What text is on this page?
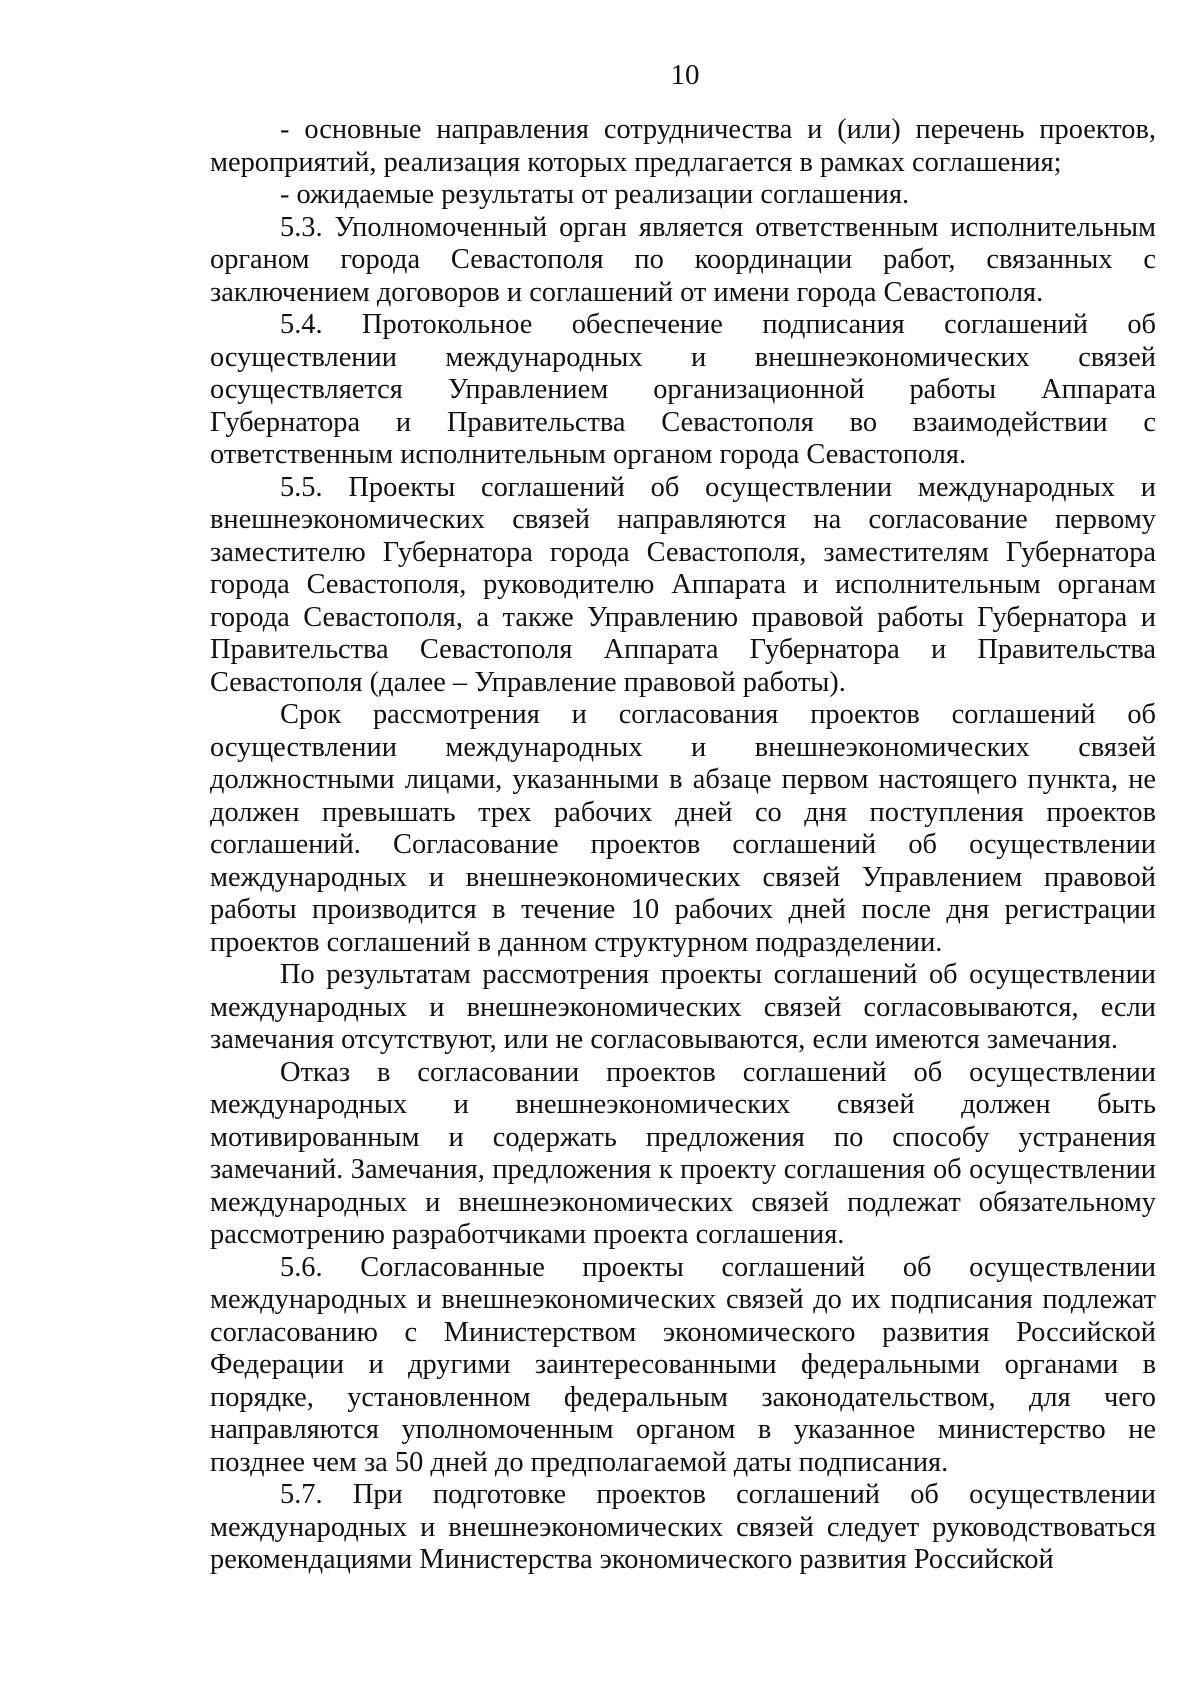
10

- основные направления сотрудничества и (или) перечень проектов, мероприятий, реализация которых предлагается в рамках соглашения;

- ожидаемые результаты от реализации соглашения.

5.3. Уполномоченный орган является ответственным исполнительным органом города Севастополя по координации работ, связанных с заключением договоров и соглашений от имени города Севастополя.

5.4. Протокольное обеспечение подписания соглашений об осуществлении международных и внешнеэкономических связей осуществляется Управлением организационной работы Аппарата Губернатора и Правительства Севастополя во взаимодействии с ответственным исполнительным органом города Севастополя.

5.5. Проекты соглашений об осуществлении международных и внешнеэкономических связей направляются на согласование первому заместителю Губернатора города Севастополя, заместителям Губернатора города Севастополя, руководителю Аппарата и исполнительным органам города Севастополя, а также Управлению правовой работы Губернатора и Правительства Севастополя Аппарата Губернатора и Правительства Севастополя (далее – Управление правовой работы).

Срок рассмотрения и согласования проектов соглашений об осуществлении международных и внешнеэкономических связей должностными лицами, указанными в абзаце первом настоящего пункта, не должен превышать трех рабочих дней со дня поступления проектов соглашений. Согласование проектов соглашений об осуществлении международных и внешнеэкономических связей Управлением правовой работы производится в течение 10 рабочих дней после дня регистрации проектов соглашений в данном структурном подразделении.

По результатам рассмотрения проекты соглашений об осуществлении международных и внешнеэкономических связей согласовываются, если замечания отсутствуют, или не согласовываются, если имеются замечания.

Отказ в согласовании проектов соглашений об осуществлении международных и внешнеэкономических связей должен быть мотивированным и содержать предложения по способу устранения замечаний. Замечания, предложения к проекту соглашения об осуществлении международных и внешнеэкономических связей подлежат обязательному рассмотрению разработчиками проекта соглашения.

5.6. Согласованные проекты соглашений об осуществлении международных и внешнеэкономических связей до их подписания подлежат согласованию с Министерством экономического развития Российской Федерации и другими заинтересованными федеральными органами в порядке, установленном федеральным законодательством, для чего направляются уполномоченным органом в указанное министерство не позднее чем за 50 дней до предполагаемой даты подписания.

5.7. При подготовке проектов соглашений об осуществлении международных и внешнеэкономических связей следует руководствоваться рекомендациями Министерства экономического развития Российской
